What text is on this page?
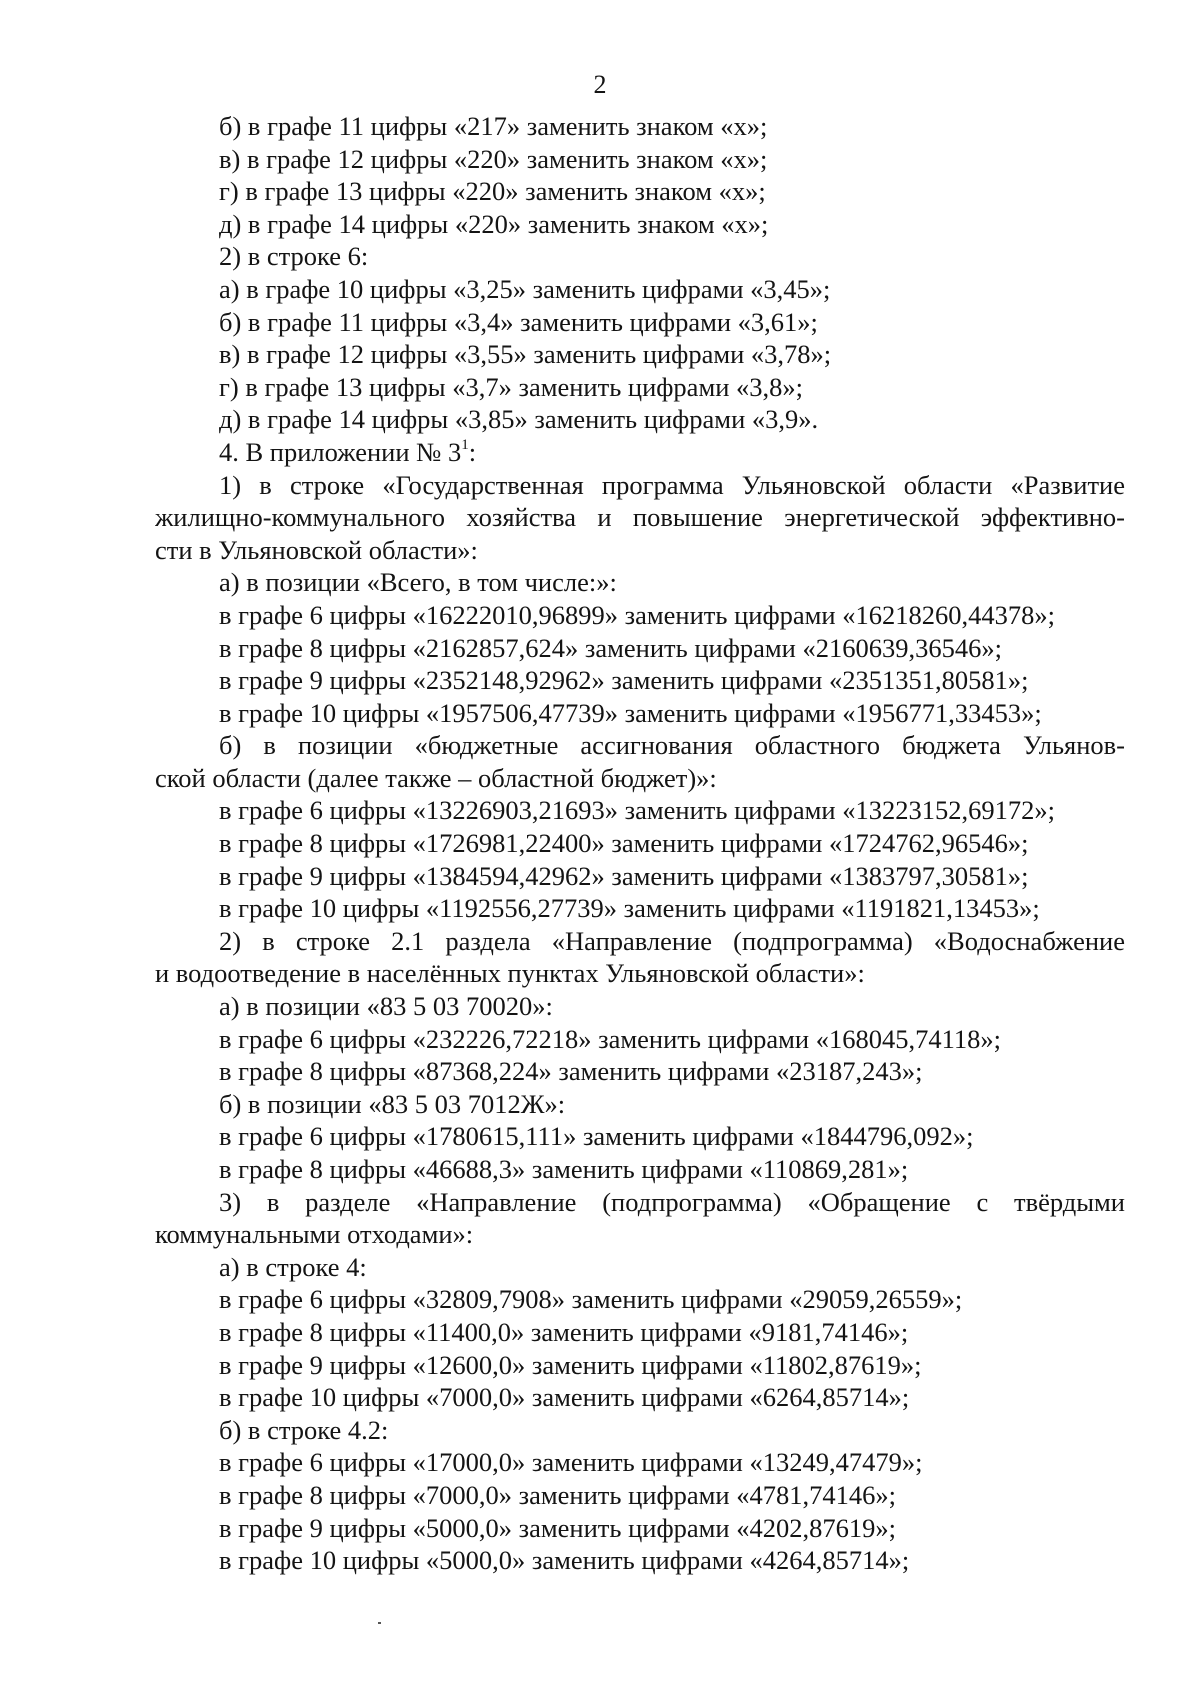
2
б) в графе 11 цифры «217» заменить знаком «х»;
в) в графе 12 цифры «220» заменить знаком «х»;
г) в графе 13 цифры «220» заменить знаком «х»;
д) в графе 14 цифры «220» заменить знаком «х»;
2) в строке 6:
а) в графе 10 цифры «3,25» заменить цифрами «3,45»;
б) в графе 11 цифры «3,4» заменить цифрами «3,61»;
в) в графе 12 цифры «3,55» заменить цифрами «3,78»;
г) в графе 13 цифры «3,7» заменить цифрами «3,8»;
д) в графе 14 цифры «3,85» заменить цифрами «3,9».
4. В приложении № $3^1$:
1) в строке «Государственная программа Ульяновской области «Развитие
жилищно-коммунального хозяйства и повышение энергетической эффективно-
сти в Ульяновской области»:
а) в позиции «Всего, в том числе:»:
в графе 6 цифры «16222010,96899» заменить цифрами «16218260,44378»;
в графе 8 цифры «2162857,624» заменить цифрами «2160639,36546»;
в графе 9 цифры «2352148,92962» заменить цифрами «2351351,80581»;
в графе 10 цифры «1957506,47739» заменить цифрами «1956771,33453»;
б) в позиции «бюджетные ассигнования областного бюджета Ульянов-
ской области (далее также – областной бюджет)»:
в графе 6 цифры «13226903,21693» заменить цифрами «13223152,69172»;
в графе 8 цифры «1726981,22400» заменить цифрами «1724762,96546»;
в графе 9 цифры «1384594,42962» заменить цифрами «1383797,30581»;
в графе 10 цифры «1192556,27739» заменить цифрами «1191821,13453»;
2) в строке 2.1 раздела «Направление (подпрограмма) «Водоснабжение
и водоотведение в населённых пунктах Ульяновской области»:
а) в позиции «83 5 03 70020»:
в графе 6 цифры «232226,72218» заменить цифрами «168045,74118»;
в графе 8 цифры «87368,224» заменить цифрами «23187,243»;
б) в позиции «83 5 03 7012Ж»:
в графе 6 цифры «1780615,111» заменить цифрами «1844796,092»;
в графе 8 цифры «46688,3» заменить цифрами «110869,281»;
3) в разделе «Направление (подпрограмма) «Обращение с твёрдыми
коммунальными отходами»:
а) в строке 4:
в графе 6 цифры «32809,7908» заменить цифрами «29059,26559»;
в графе 8 цифры «11400,0» заменить цифрами «9181,74146»;
в графе 9 цифры «12600,0» заменить цифрами «11802,87619»;
в графе 10 цифры «7000,0» заменить цифрами «6264,85714»;
б) в строке 4.2:
в графе 6 цифры «17000,0» заменить цифрами «13249,47479»;
в графе 8 цифры «7000,0» заменить цифрами «4781,74146»;
в графе 9 цифры «5000,0» заменить цифрами «4202,87619»;
в графе 10 цифры «5000,0» заменить цифрами «4264,85714»;
